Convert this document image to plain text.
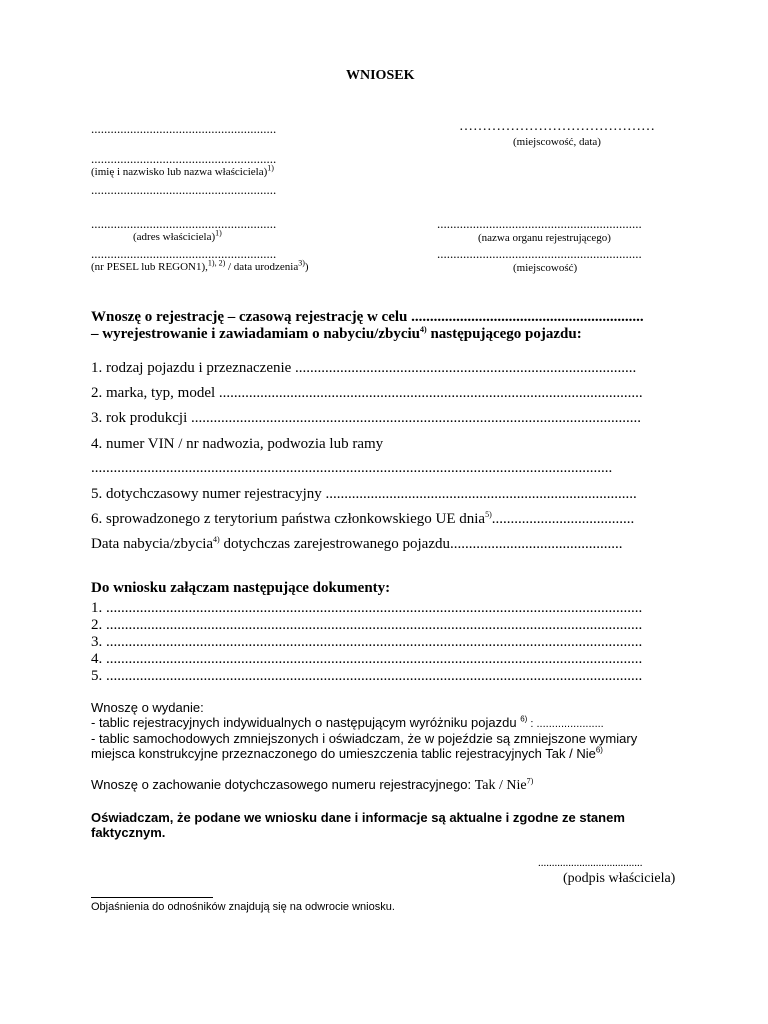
WNIOSEK
.........................................................
.........................................................
(imię i nazwisko lub nazwa właściciela)$^{1)}$
.........................................................
.........................................................
(adres właściciela)$^{1)}$
.........................................................
(nr PESEL lub REGON1),$^{1), 2)}$ / data urodzenia$^{3)}$)
……………………………………
(miejscowość, data)
...............................................................
(nazwa organu rejestrującego)
...............................................................
(miejscowość)
Wnoszę o rejestrację – czasową rejestrację w celu ..............................................................
– wyrejestrowanie i zawiadamiam o nabyciu/zbyciu$^{4)}$ następującego pojazdu:
1. rodzaj pojazdu i przeznaczenie ...........................................................................................
2. marka, typ, model .................................................................................................................
3. rok produkcji ........................................................................................................................
4. numer VIN / nr nadwozia, podwozia lub ramy
...........................................................................................................................................
5. dotychczasowy numer rejestracyjny ...................................................................................
6. sprowadzonego z terytorium państwa członkowskiego UE dnia$^{5)}$......................................
Data nabycia/zbycia$^{4)}$ dotychczas zarejestrowanego pojazdu..............................................
Do wniosku załączam następujące dokumenty:
1. ...............................................................................................................................................
2. ...............................................................................................................................................
3. ...............................................................................................................................................
4. ...............................................................................................................................................
5. ...............................................................................................................................................
Wnoszę o wydanie:
- tablic rejestracyjnych indywidualnych o następującym wyróżniku pojazdu $^{6)}$ : ......................
- tablic samochodowych zmniejszonych i oświadczam, że w pojeździe są zmniejszone wymiary
miejsca konstrukcyjne przeznaczonego do umieszczenia tablic rejestracyjnych Tak / Nie$^{6)}$
Wnoszę o zachowanie dotychczasowego numeru rejestracyjnego: Tak / Nie$^{7)}$
Oświadczam, że podane we wniosku dane i informacje są aktualne i zgodne ze stanem
faktycznym.
......................................
(podpis właściciela)
Objaśnienia do odnośników znajdują się na odwrocie wniosku.
